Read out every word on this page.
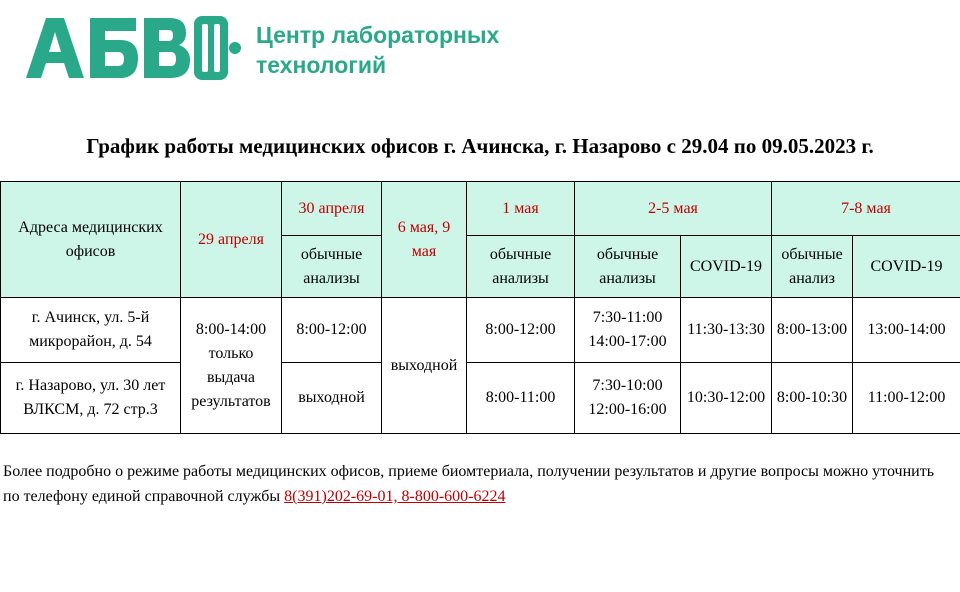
Центр лабораторных
технологий
График работы медицинских офисов г. Ачинска, г. Назарово с 29.04 по 09.05.2023 г.
Адреса медицинских офисов	29 апреля	30 апреля	6 мая, 9 мая	1 мая	2-5 мая		7-8 мая	
		обычные анализы		обычные анализы	обычные анализы	COVID-19	обычные анализ	COVID-19
г. Ачинск, ул. 5-й микрорайон, д. 54	8:00-14:00 только выдача результатов	8:00-12:00	выходной	8:00-12:00	7:30-11:00 14:00-17:00	11:30-13:30	8:00-13:00	13:00-14:00
г. Назарово, ул. 30 лет ВЛКСМ, д. 72 стр.3		выходной		8:00-11:00	7:30-10:00 12:00-16:00	10:30-12:00	8:00-10:30	11:00-12:00
Более подробно о режиме работы медицинских офисов, приеме биомтериала, получении результатов и другие вопросы можно уточнить по телефону единой справочной службы 8(391)202-69-01, 8-800-600-6224
